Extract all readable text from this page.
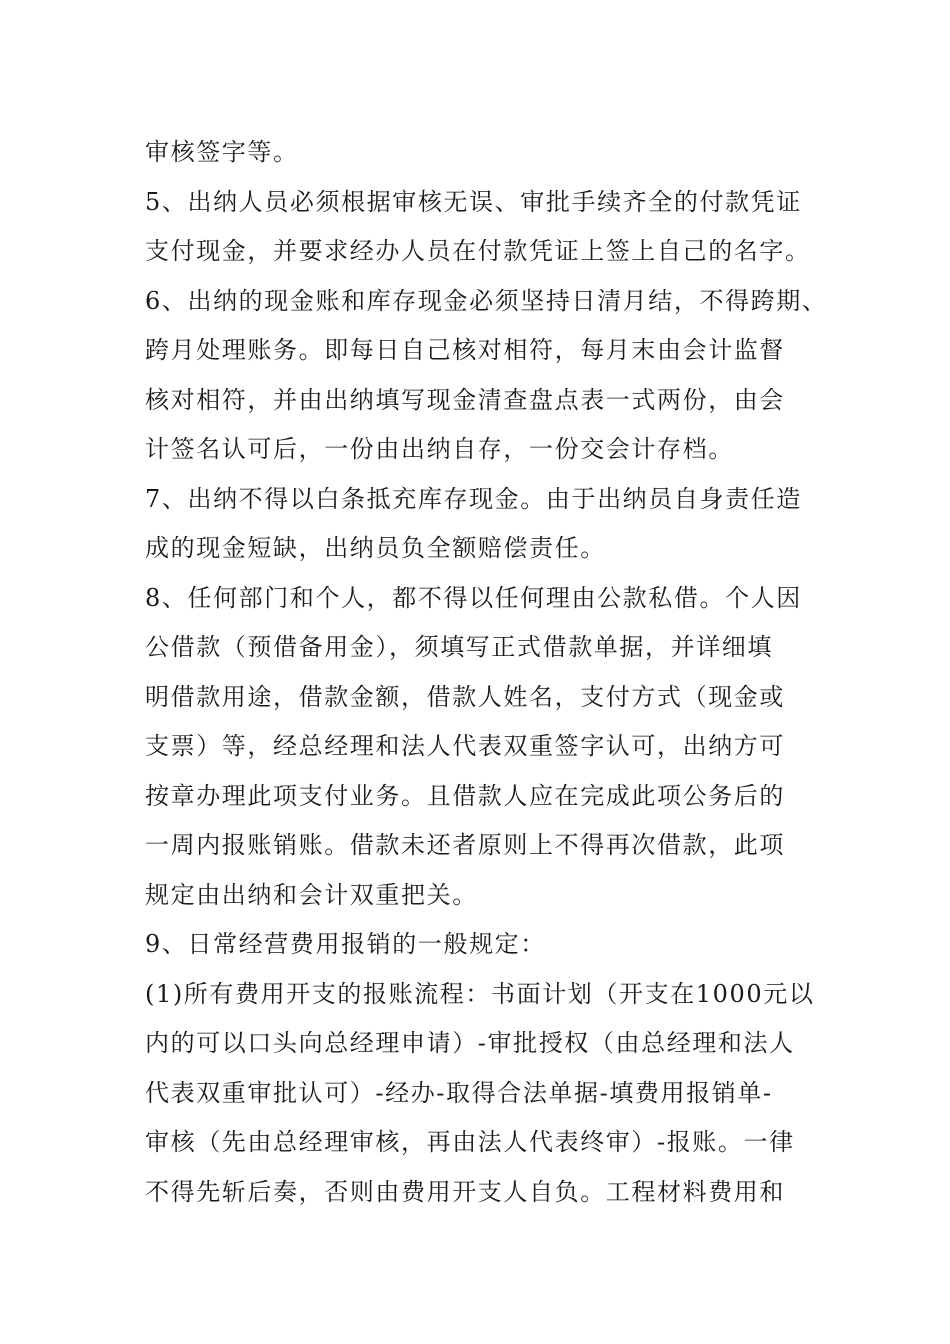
审核签字等。
5、出纳人员必须根据审核无误、审批手续齐全的付款凭证
支付现金，并要求经办人员在付款凭证上签上自己的名字。
6、出纳的现金账和库存现金必须坚持日清月结，不得跨期、
跨月处理账务。即每日自己核对相符，每月末由会计监督
核对相符，并由出纳填写现金清查盘点表一式两份，由会
计签名认可后，一份由出纳自存，一份交会计存档。
7、出纳不得以白条抵充库存现金。由于出纳员自身责任造
成的现金短缺，出纳员负全额赔偿责任。
8、任何部门和个人，都不得以任何理由公款私借。个人因
公借款（预借备用金），须填写正式借款单据，并详细填
明借款用途，借款金额，借款人姓名，支付方式（现金或
支票）等，经总经理和法人代表双重签字认可，出纳方可
按章办理此项支付业务。且借款人应在完成此项公务后的
一周内报账销账。借款未还者原则上不得再次借款，此项
规定由出纳和会计双重把关。
9、日常经营费用报销的一般规定：
(1)所有费用开支的报账流程：书面计划（开支在1000元以
内的可以口头向总经理申请）-审批授权（由总经理和法人
代表双重审批认可）-经办-取得合法单据-填费用报销单-
审核（先由总经理审核，再由法人代表终审）-报账。一律
不得先斩后奏，否则由费用开支人自负。工程材料费用和
